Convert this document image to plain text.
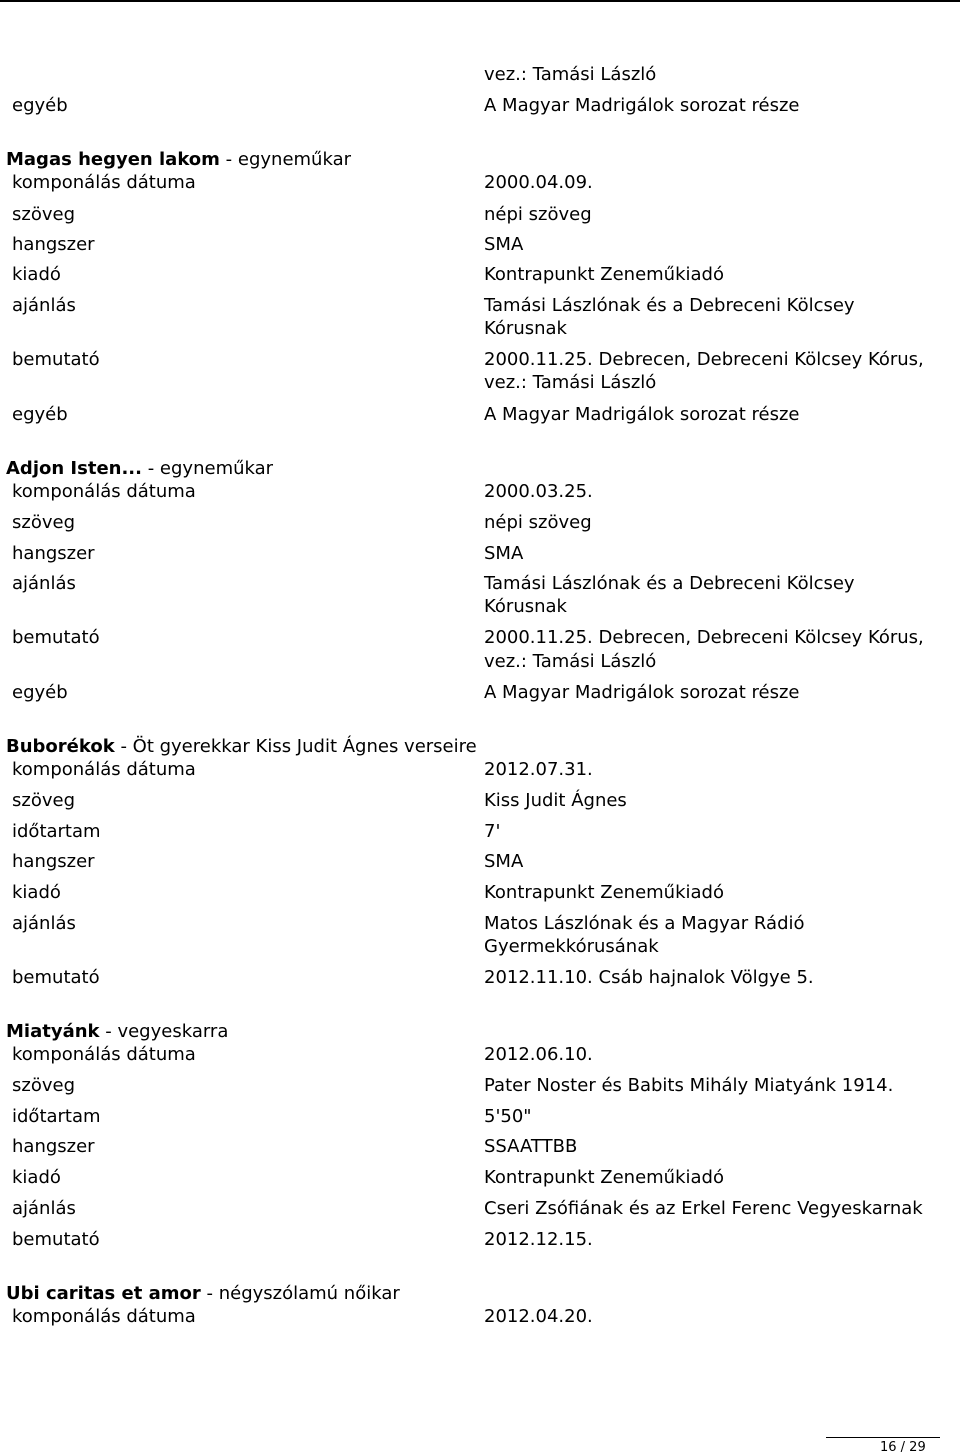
vez.: Tamási László
egyéb	A Magyar Madrigálok sorozat része
Magas hegyen lakom - egyneműkar
komponálás dátuma	2000.04.09.
szöveg	népi szöveg
hangszer	SMA
kiadó	Kontrapunkt Zeneműkiadó
ajánlás	Tamási Lászlónak és a Debreceni Kölcsey
Kórusnak
bemutató	2000.11.25. Debrecen, Debreceni Kölcsey Kórus,
vez.: Tamási László
egyéb	A Magyar Madrigálok sorozat része
Adjon Isten... - egyneműkar
komponálás dátuma	2000.03.25.
szöveg	népi szöveg
hangszer	SMA
ajánlás	Tamási Lászlónak és a Debreceni Kölcsey
Kórusnak
bemutató	2000.11.25. Debrecen, Debreceni Kölcsey Kórus,
vez.: Tamási László
egyéb	A Magyar Madrigálok sorozat része
Buborékok - Öt gyerekkar Kiss Judit Ágnes verseire
komponálás dátuma	2012.07.31.
szöveg	Kiss Judit Ágnes
időtartam	7'
hangszer	SMA
kiadó	Kontrapunkt Zeneműkiadó
ajánlás	Matos Lászlónak és a Magyar Rádió
Gyermekkórusának
bemutató	2012.11.10. Csáb hajnalok Völgye 5.
Miatyánk - vegyeskarra
komponálás dátuma	2012.06.10.
szöveg	Pater Noster és Babits Mihály Miatyánk 1914.
időtartam	5'50"
hangszer	SSAATTBB
kiadó	Kontrapunkt Zeneműkiadó
ajánlás	Cseri Zsófiának és az Erkel Ferenc Vegyeskarnak
bemutató	2012.12.15.
Ubi caritas et amor - négyszólamú nőikar
komponálás dátuma	2012.04.20.
16 / 29
